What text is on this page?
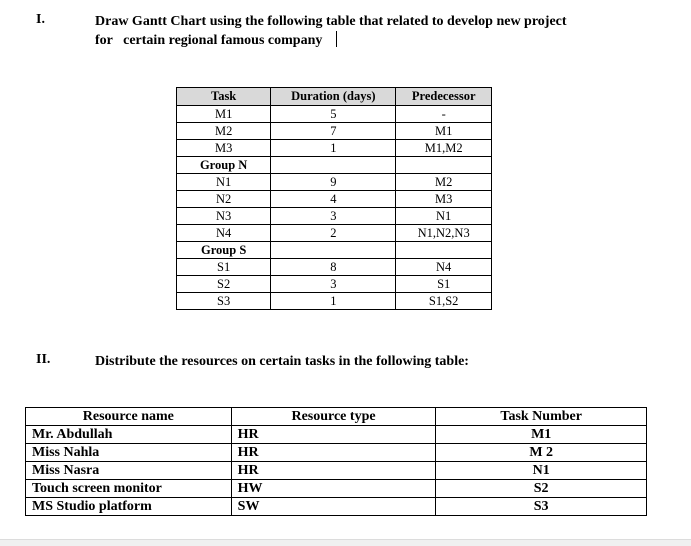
I.	Draw Gantt Chart using the following table that related to develop new project
for   certain regional famous company
Task	Duration (days)	Predecessor
M1	5	-
M2	7	M1
M3	1	M1,M2
Group N		
N1	9	M2
N2	4	M3
N3	3	N1
N4	2	N1,N2,N3
Group S		
S1	8	N4
S2	3	S1
S3	1	S1,S2
II.	Distribute the resources on certain tasks in the following table:
Resource name	Resource type	Task Number
Mr. Abdullah	HR	M1
Miss Nahla	HR	M 2
Miss Nasra	HR	N1
Touch screen monitor	HW	S2
MS Studio platform	SW	S3
